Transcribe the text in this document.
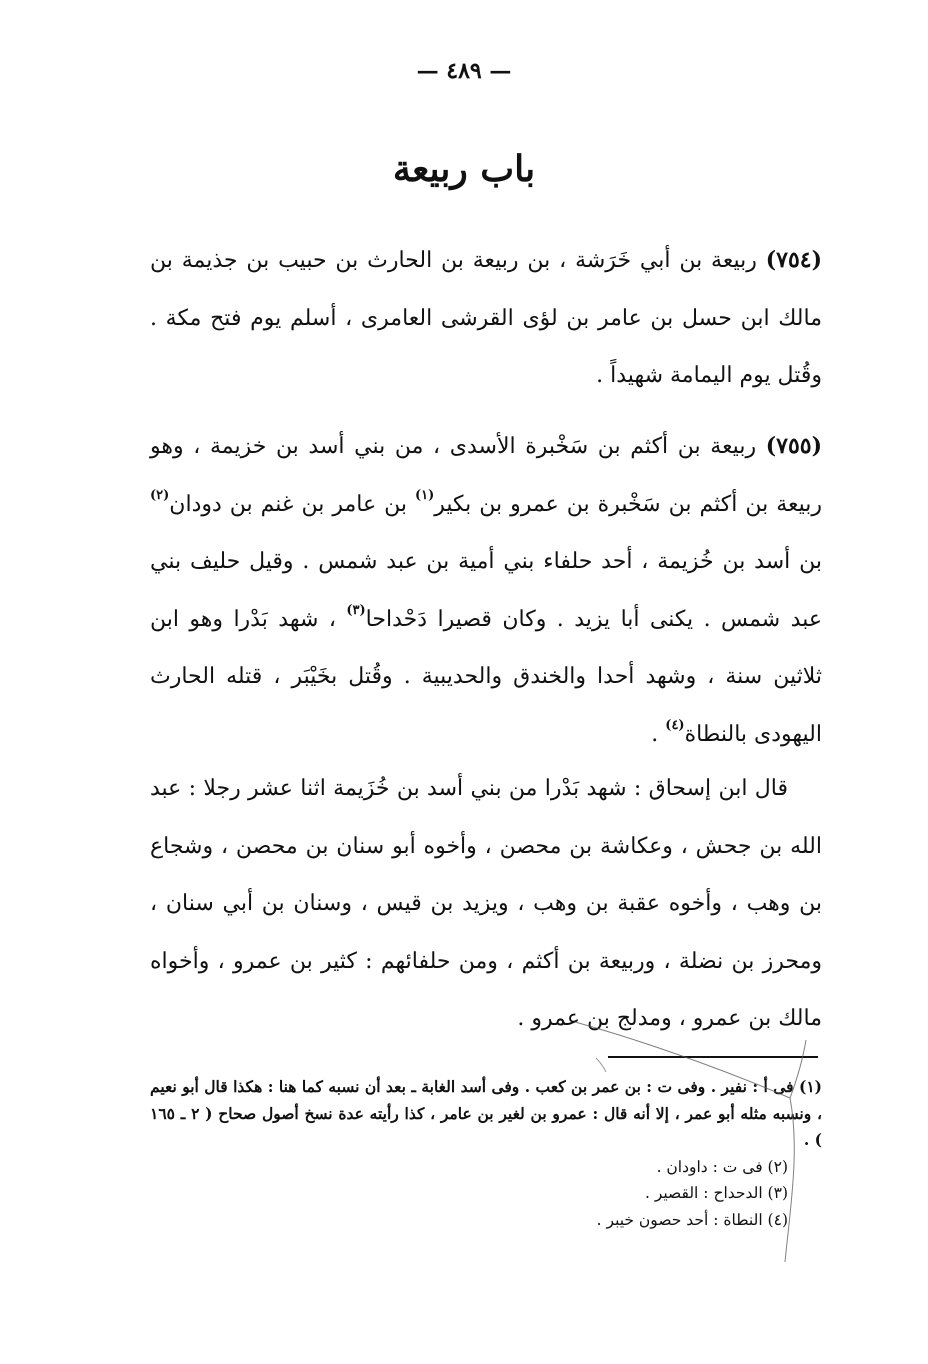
— ٤٨٩ —
باب ربيعة

(٧٥٤) ربيعة بن أبي خَرَشة ، بن ربيعة بن الحارث بن حبيب بن جذيمة بن مالك ابن حسل بن عامر بن لؤى القرشى العامرى ، أسلم يوم فتح مكة . وقُتل يوم اليمامة شهيداً .

(٧٥٥) ربيعة بن أكثم بن سَخْبرة الأسدى ، من بني أسد بن خزيمة ، وهو ربيعة بن أكثم بن سَخْبرة بن عمرو بن بكير$^{(١)}$ بن عامر بن غنم بن دودان$^{(٢)}$ بن أسد بن خُزيمة ، أحد حلفاء بني أمية بن عبد شمس . وقيل حليف بني عبد شمس . يكنى أبا يزيد . وكان قصيرا دَحْداحا$^{(٣)}$ ، شهد بَدْرا وهو ابن ثلاثين سنة ، وشهد أحدا والخندق والحديبية . وقُتل بخَيْبَر ، قتله الحارث اليهودى بالنطاة$^{(٤)}$ .

قال ابن إسحاق : شهد بَدْرا من بني أسد بن خُزَيمة اثنا عشر رجلا : عبد الله بن جحش ، وعكاشة بن محصن ، وأخوه أبو سنان بن محصن ، وشجاع بن وهب ، وأخوه عقبة بن وهب ، ويزيد بن قيس ، وسنان بن أبي سنان ، ومحرز بن نضلة ، وربيعة بن أكثم ، ومن حلفائهم : كثير بن عمرو ، وأخواه مالك بن عمرو ، ومدلج بن عمرو .

(١) فى أ : نفير . وفى ت : بن عمر بن كعب . وفى أسد الغابة ـ بعد أن نسبه كما هنا : هكذا قال أبو نعيم ، ونسبه مثله أبو عمر ، إلا أنه قال : عمرو بن لغير بن عامر ، كذا رأيته عدة نسخ أصول صحاح ( ٢ ـ ١٦٥ ) .

(٢) فى ت : داودان .

(٣) الدحداح : القصير .

(٤) النطاة : أحد حصون خيبر .
